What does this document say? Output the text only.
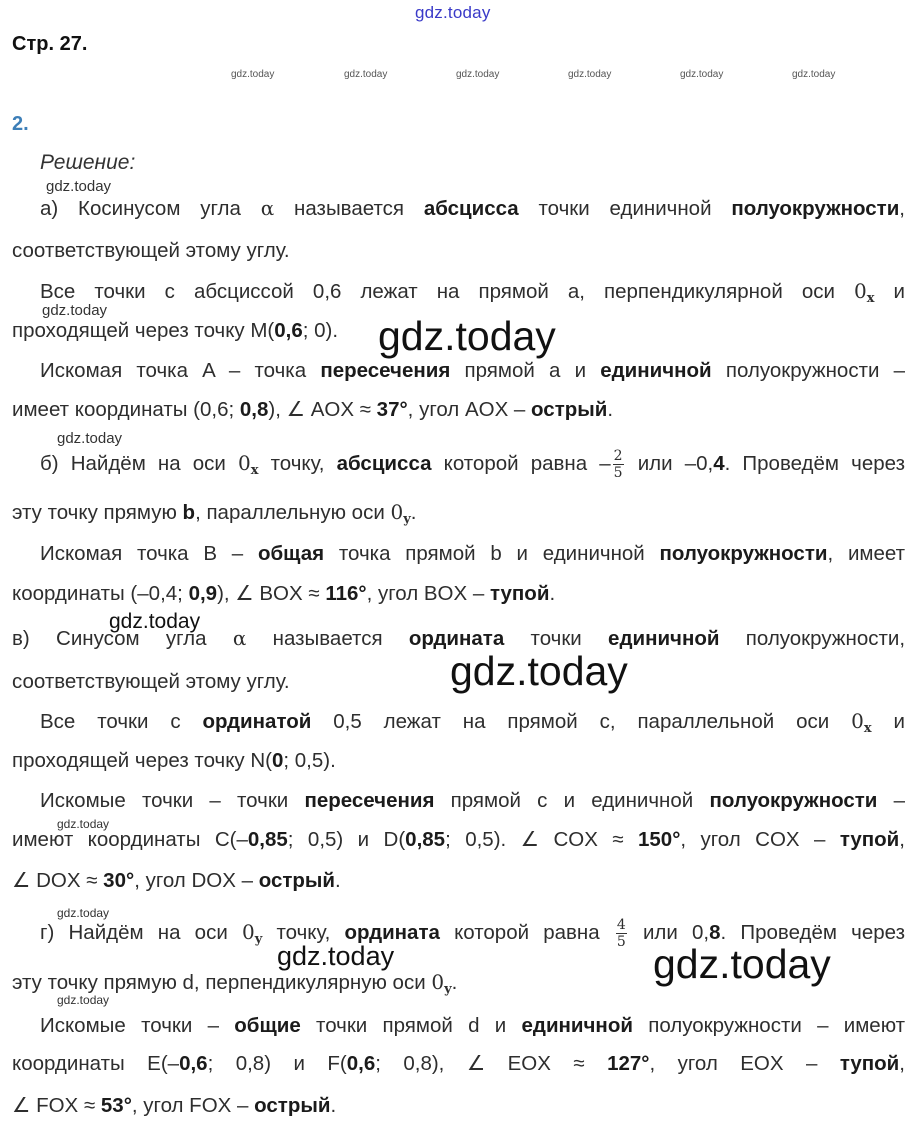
gdz.today
gdz.today	gdz.today	gdz.today	gdz.today	gdz.today	gdz.today
Стр. 27.
2.
Решение:
gdz.today
gdz.today
gdz.today
gdz.today
gdz.today
gdz.today
gdz.today
gdz.today
gdz.today	gdz.today
gdz.today
а) Косинусом угла α называется абсцисса точки единичной полуокружности,
соответствующей этому углу.
Все точки с абсциссой 0,6 лежат на прямой a, перпендикулярной оси $0_x$ и
проходящей через точку M(0,6; 0).
Искомая точка A – точка пересечения прямой a и единичной полуокружности –
имеет координаты (0,6; 0,8), ∠ AOX ≈ 37°, угол AOX – острый.
б) Найдём на оси $0_x$ точку, абсцисса которой равна – $\frac{2}{5}$ или –0,4. Проведём через
эту точку прямую b, параллельную оси $0_y$.
Искомая точка B – общая точка прямой b и единичной полуокружности, имеет
координаты (–0,4; 0,9), ∠ BOX ≈ 116°, угол BOX – тупой.
в) Синусом угла α называется ордината точки единичной полуокружности,
соответствующей этому углу.
Все точки с ординатой 0,5 лежат на прямой c, параллельной оси $0_x$ и
проходящей через точку N(0; 0,5).
Искомые точки – точки пересечения прямой c и единичной полуокружности –
имеют координаты C(–0,85; 0,5) и D(0,85; 0,5). ∠ COX ≈ 150°, угол COX – тупой,
∠ DOX ≈ 30°, угол DOX – острый.
г) Найдём на оси $0_y$ точку, ордината которой равна $\frac{4}{5}$ или 0,8. Проведём через
эту точку прямую d, перпендикулярную оси $0_y$.
Искомые точки – общие точки прямой d и единичной полуокружности – имеют
координаты E(–0,6; 0,8) и F(0,6; 0,8), ∠ EOX ≈ 127°, угол EOX – тупой,
∠ FOX ≈ 53°, угол FOX – острый.
